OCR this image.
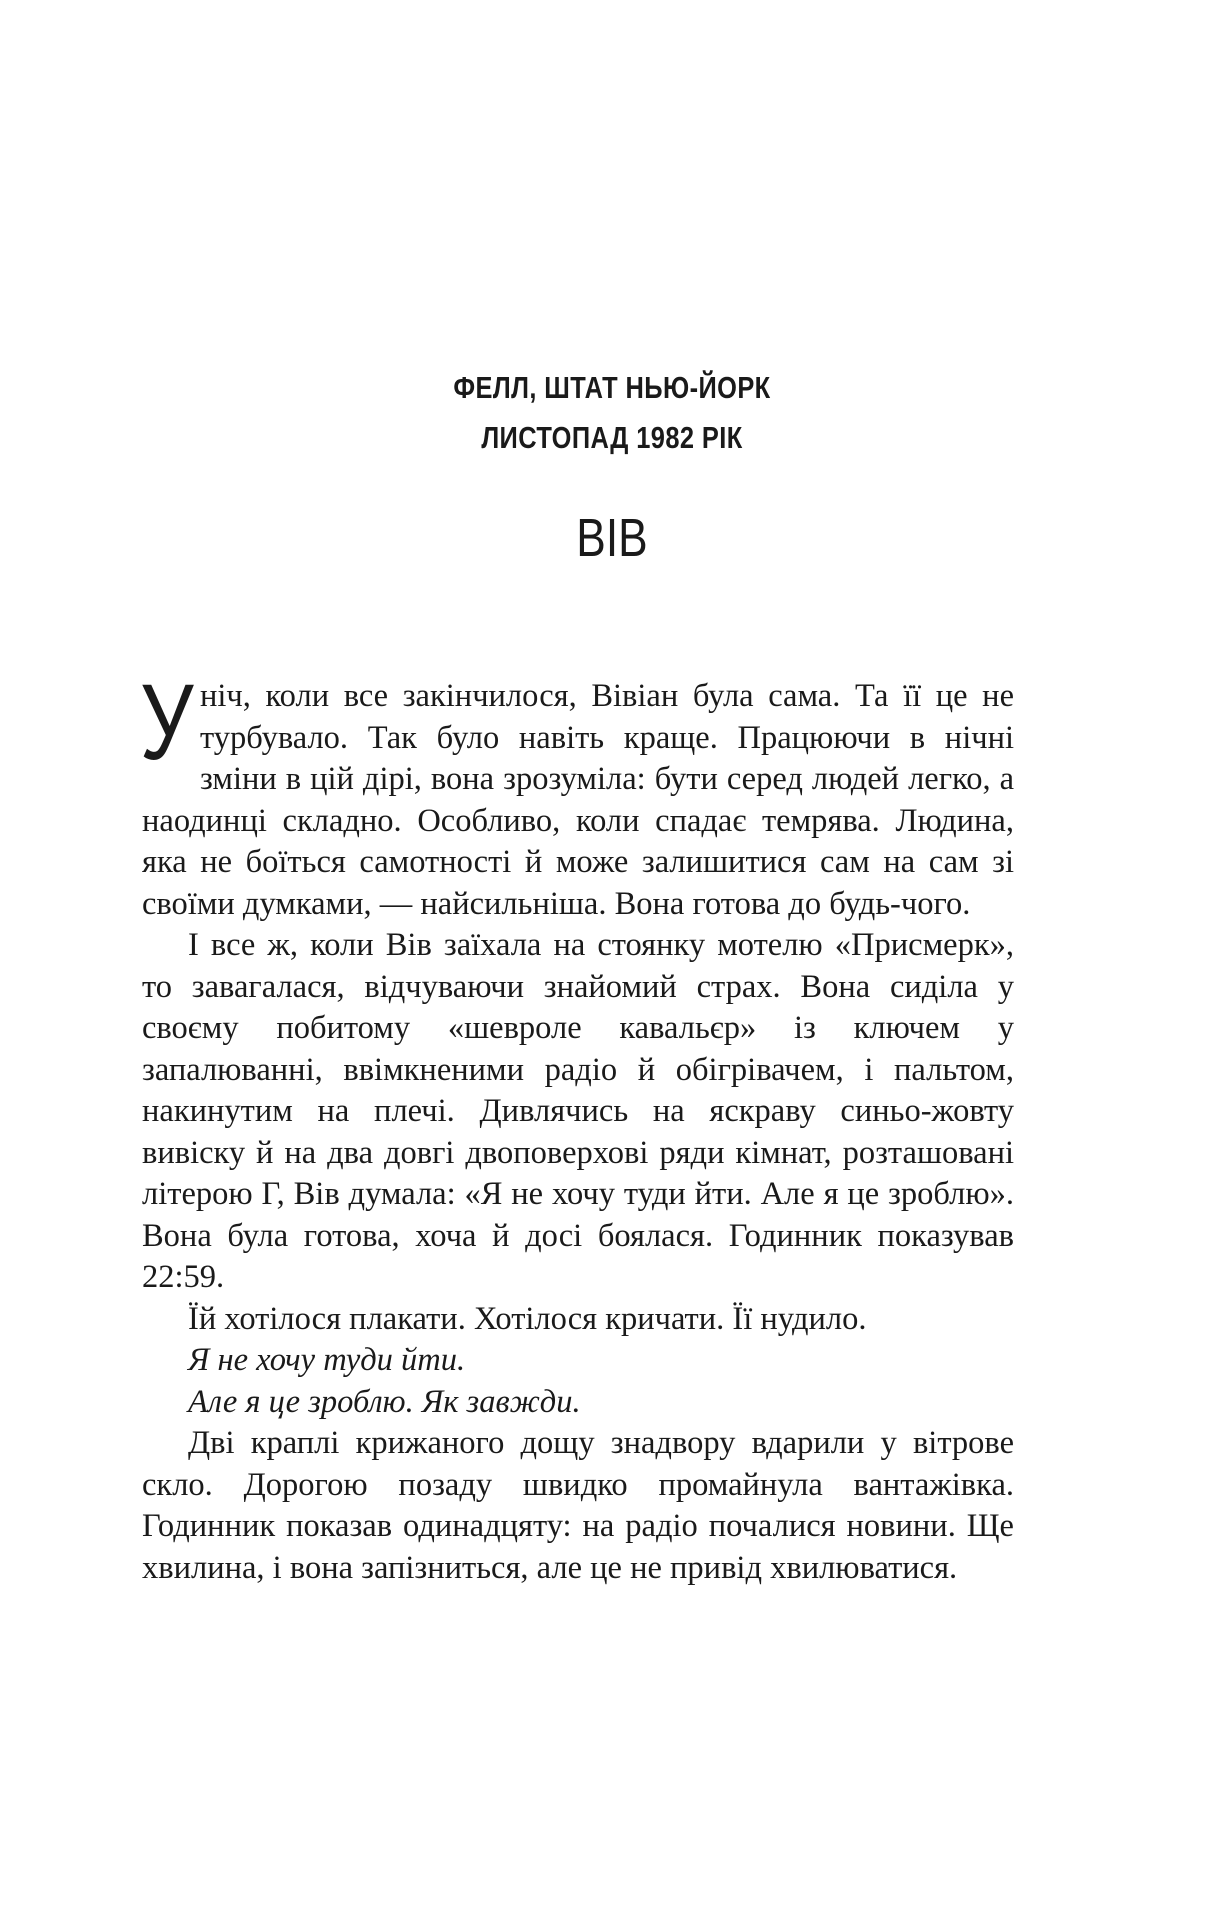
ФЕЛЛ, ШТАТ НЬЮ-ЙОРК
ЛИСТОПАД 1982 РІК
ВІВ

У ніч, коли все закінчилося, Вівіан була сама. Та її це не турбувало. Так було навіть краще. Працюючи в нічні зміни в цій дірі, вона зрозуміла: бути серед людей легко, а наодинці складно. Особливо, коли спадає темрява. Людина, яка не боїться самотності й може залишитися сам на сам зі своїми думками, — найсильніша. Вона готова до будь-чого.

І все ж, коли Вів заїхала на стоянку мотелю «Присмерк», то завагалася, відчуваючи знайомий страх. Вона сиділа у своєму побитому «шевроле кавальєр» із ключем у запалюванні, ввімкненими радіо й обігрівачем, і пальтом, накинутим на плечі. Дивлячись на яскраву синьо-жовту вивіску й на два довгі двоповерхові ряди кімнат, розташовані літерою Г, Вів думала: «Я не хочу туди йти. Але я це зроблю». Вона була готова, хоча й досі боялася. Годинник показував 22:59.

Їй хотілося плакати. Хотілося кричати. Її нудило.

Я не хочу туди йти.

Але я це зроблю. Як завжди.

Дві краплі крижаного дощу знадвору вдарили у вітрове скло. Дорогою позаду швидко промайнула вантажівка. Годинник показав одинадцяту: на радіо почалися новини. Ще хвилина, і вона запізниться, але це не привід хвилюватися.
